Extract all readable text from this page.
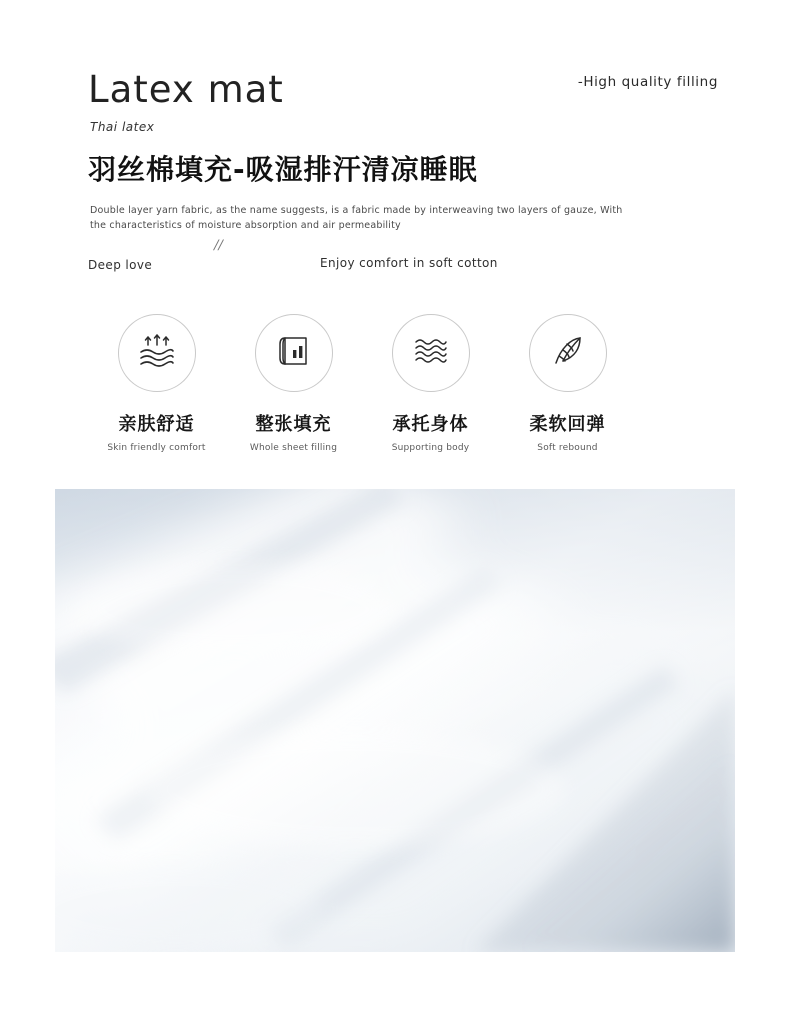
Latex mat
Thai latex
-High quality filling
羽丝棉填充-吸湿排汗清凉睡眠
Double layer yarn fabric, as the name suggests, is a fabric made by interweaving two layers of gauze, With the characteristics of moisture absorption and air permeability
//
Deep love	Enjoy comfort in soft cotton
亲肤舒适
Skin friendly comfort
整张填充
Whole sheet filling
承托身体
Supporting body
柔软回弹
Soft rebound
